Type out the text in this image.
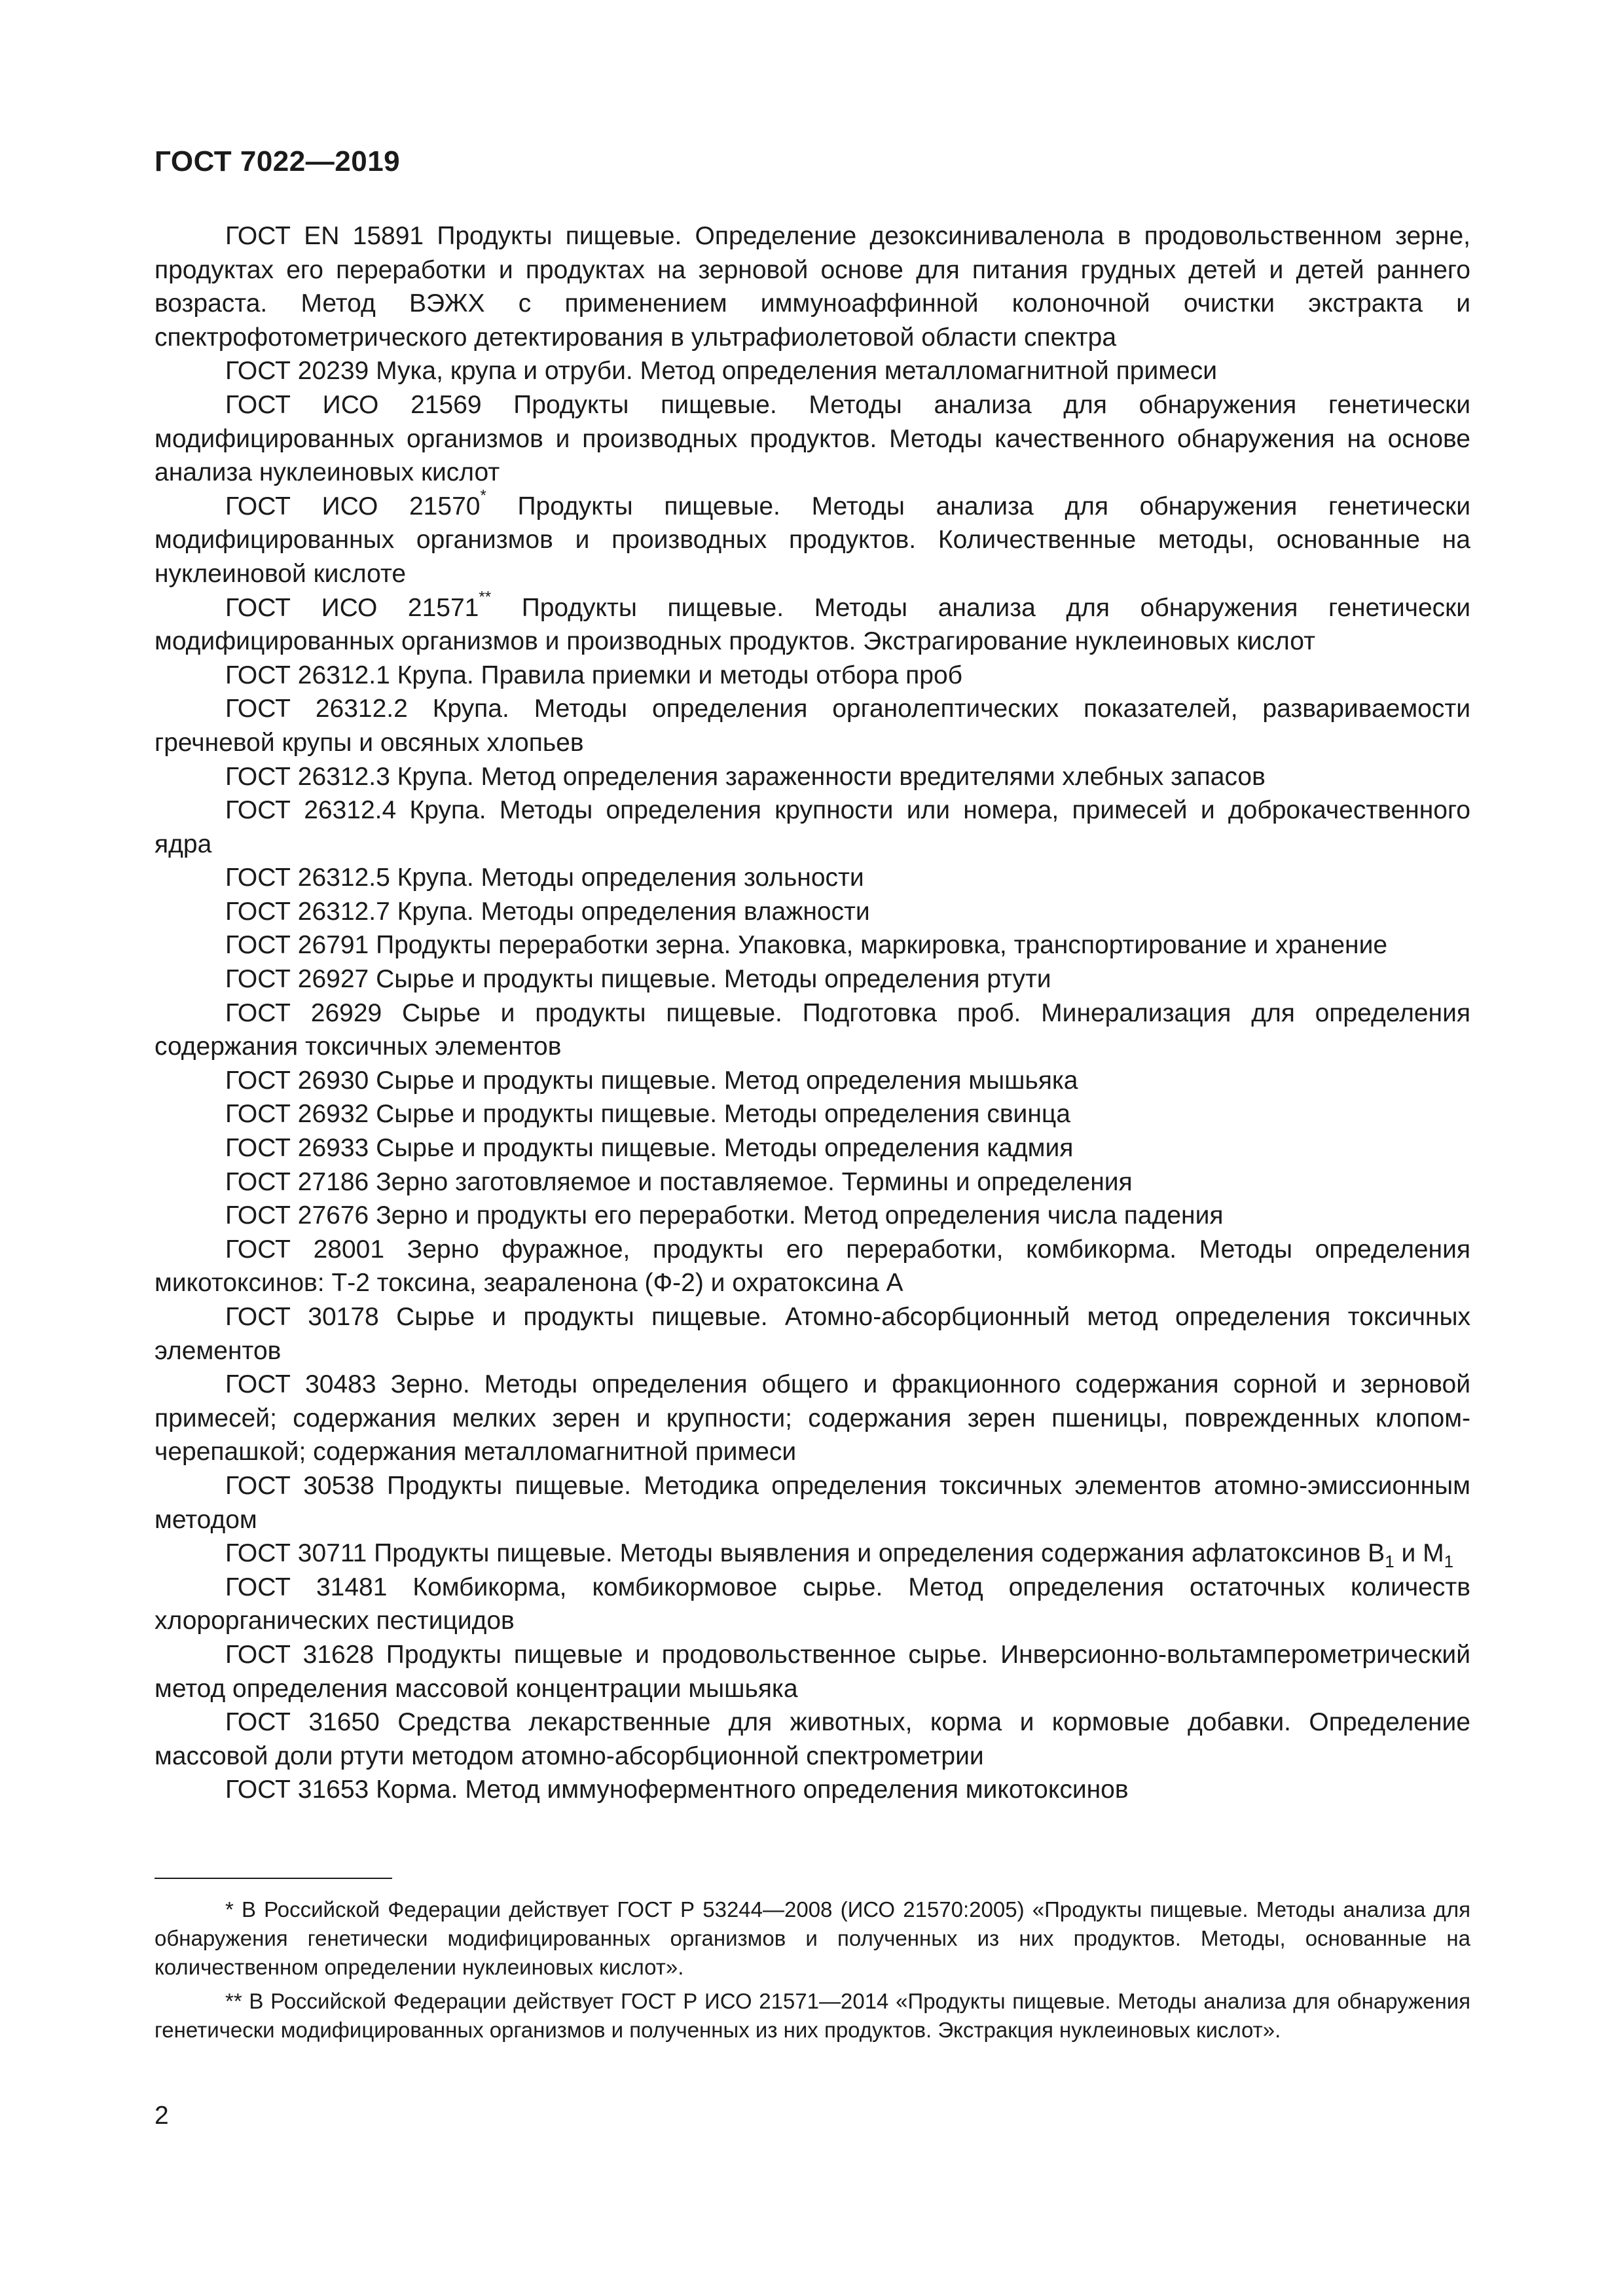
ГОСТ 7022—2019

ГОСТ EN 15891 Продукты пищевые. Определение дезоксиниваленола в продовольственном зерне, продуктах его переработки и продуктах на зерновой основе для питания грудных детей и детей раннего возраста. Метод ВЭЖХ с применением иммуноаффинной колоночной очистки экстракта и спектрофотометрического детектирования в ультрафиолетовой области спектра

ГОСТ 20239 Мука, крупа и отруби. Метод определения металломагнитной примеси

ГОСТ ИСО 21569 Продукты пищевые. Методы анализа для обнаружения генетически модифицированных организмов и производных продуктов. Методы качественного обнаружения на основе анализа нуклеиновых кислот

ГОСТ ИСО 21570* Продукты пищевые. Методы анализа для обнаружения генетически модифицированных организмов и производных продуктов. Количественные методы, основанные на нуклеиновой кислоте

ГОСТ ИСО 21571** Продукты пищевые. Методы анализа для обнаружения генетически модифицированных организмов и производных продуктов. Экстрагирование нуклеиновых кислот

ГОСТ 26312.1 Крупа. Правила приемки и методы отбора проб

ГОСТ 26312.2 Крупа. Методы определения органолептических показателей, развариваемости гречневой крупы и овсяных хлопьев

ГОСТ 26312.3 Крупа. Метод определения зараженности вредителями хлебных запасов

ГОСТ 26312.4 Крупа. Методы определения крупности или номера, примесей и доброкачественного ядра

ГОСТ 26312.5 Крупа. Методы определения зольности

ГОСТ 26312.7 Крупа. Методы определения влажности

ГОСТ 26791 Продукты переработки зерна. Упаковка, маркировка, транспортирование и хранение

ГОСТ 26927 Сырье и продукты пищевые. Методы определения ртути

ГОСТ 26929 Сырье и продукты пищевые. Подготовка проб. Минерализация для определения содержания токсичных элементов

ГОСТ 26930 Сырье и продукты пищевые. Метод определения мышьяка

ГОСТ 26932 Сырье и продукты пищевые. Методы определения свинца

ГОСТ 26933 Сырье и продукты пищевые. Методы определения кадмия

ГОСТ 27186 Зерно заготовляемое и поставляемое. Термины и определения

ГОСТ 27676 Зерно и продукты его переработки. Метод определения числа падения

ГОСТ 28001 Зерно фуражное, продукты его переработки, комбикорма. Методы определения микотоксинов: Т-2 токсина, зеараленона (Ф-2) и охратоксина А

ГОСТ 30178 Сырье и продукты пищевые. Атомно-абсорбционный метод определения токсичных элементов

ГОСТ 30483 Зерно. Методы определения общего и фракционного содержания сорной и зерновой примесей; содержания мелких зерен и крупности; содержания зерен пшеницы, поврежденных клопом-черепашкой; содержания металломагнитной примеси

ГОСТ 30538 Продукты пищевые. Методика определения токсичных элементов атомно-эмиссионным методом

ГОСТ 30711 Продукты пищевые. Методы выявления и определения содержания афлатоксинов $В_1$ и $М_1$

ГОСТ 31481 Комбикорма, комбикормовое сырье. Метод определения остаточных количеств хлорорганических пестицидов

ГОСТ 31628 Продукты пищевые и продовольственное сырье. Инверсионно-вольтамперометрический метод определения массовой концентрации мышьяка

ГОСТ 31650 Средства лекарственные для животных, корма и кормовые добавки. Определение массовой доли ртути методом атомно-абсорбционной спектрометрии

ГОСТ 31653 Корма. Метод иммуноферментного определения микотоксинов

* В Российской Федерации действует ГОСТ Р 53244—2008 (ИСО 21570:2005) «Продукты пищевые. Методы анализа для обнаружения генетически модифицированных организмов и полученных из них продуктов. Методы, основанные на количественном определении нуклеиновых кислот».

** В Российской Федерации действует ГОСТ Р ИСО 21571—2014 «Продукты пищевые. Методы анализа для обнаружения генетически модифицированных организмов и полученных из них продуктов. Экстракция нуклеиновых кислот».

2
